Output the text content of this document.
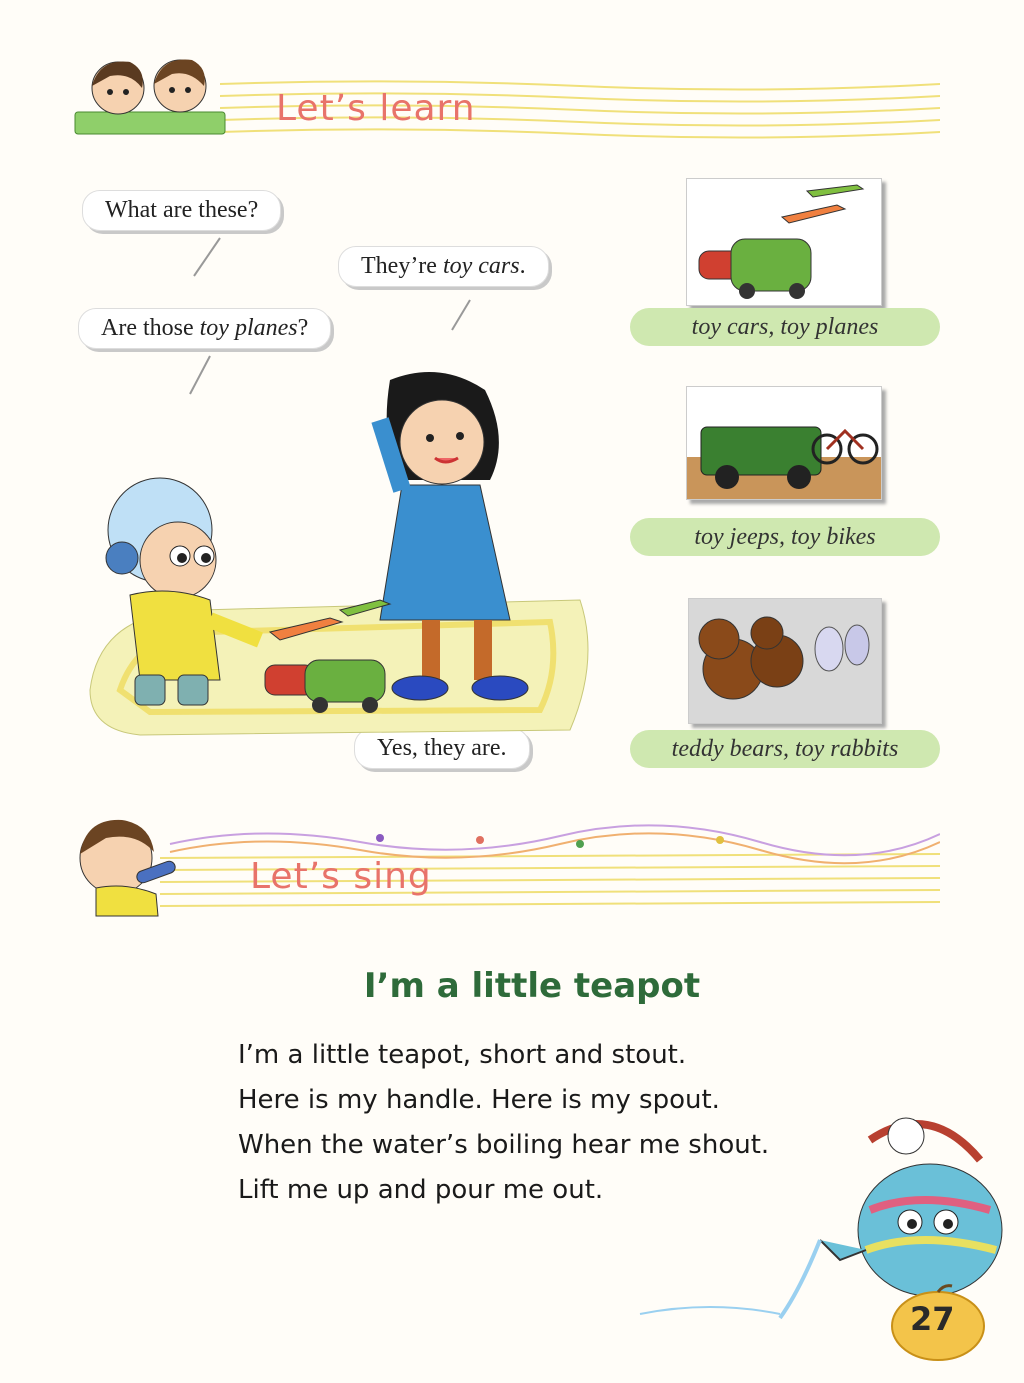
Let’s learn
What are these?
They’re toy cars.
Are those toy planes?
Yes, they are.
toy cars, toy planes
toy jeeps, toy bikes
teddy bears, toy rabbits
Let’s sing
I’m a little teapot
I’m a little teapot, short and stout.
Here is my handle. Here is my spout.
When the water’s boiling hear me shout.
Lift me up and pour me out.
27
